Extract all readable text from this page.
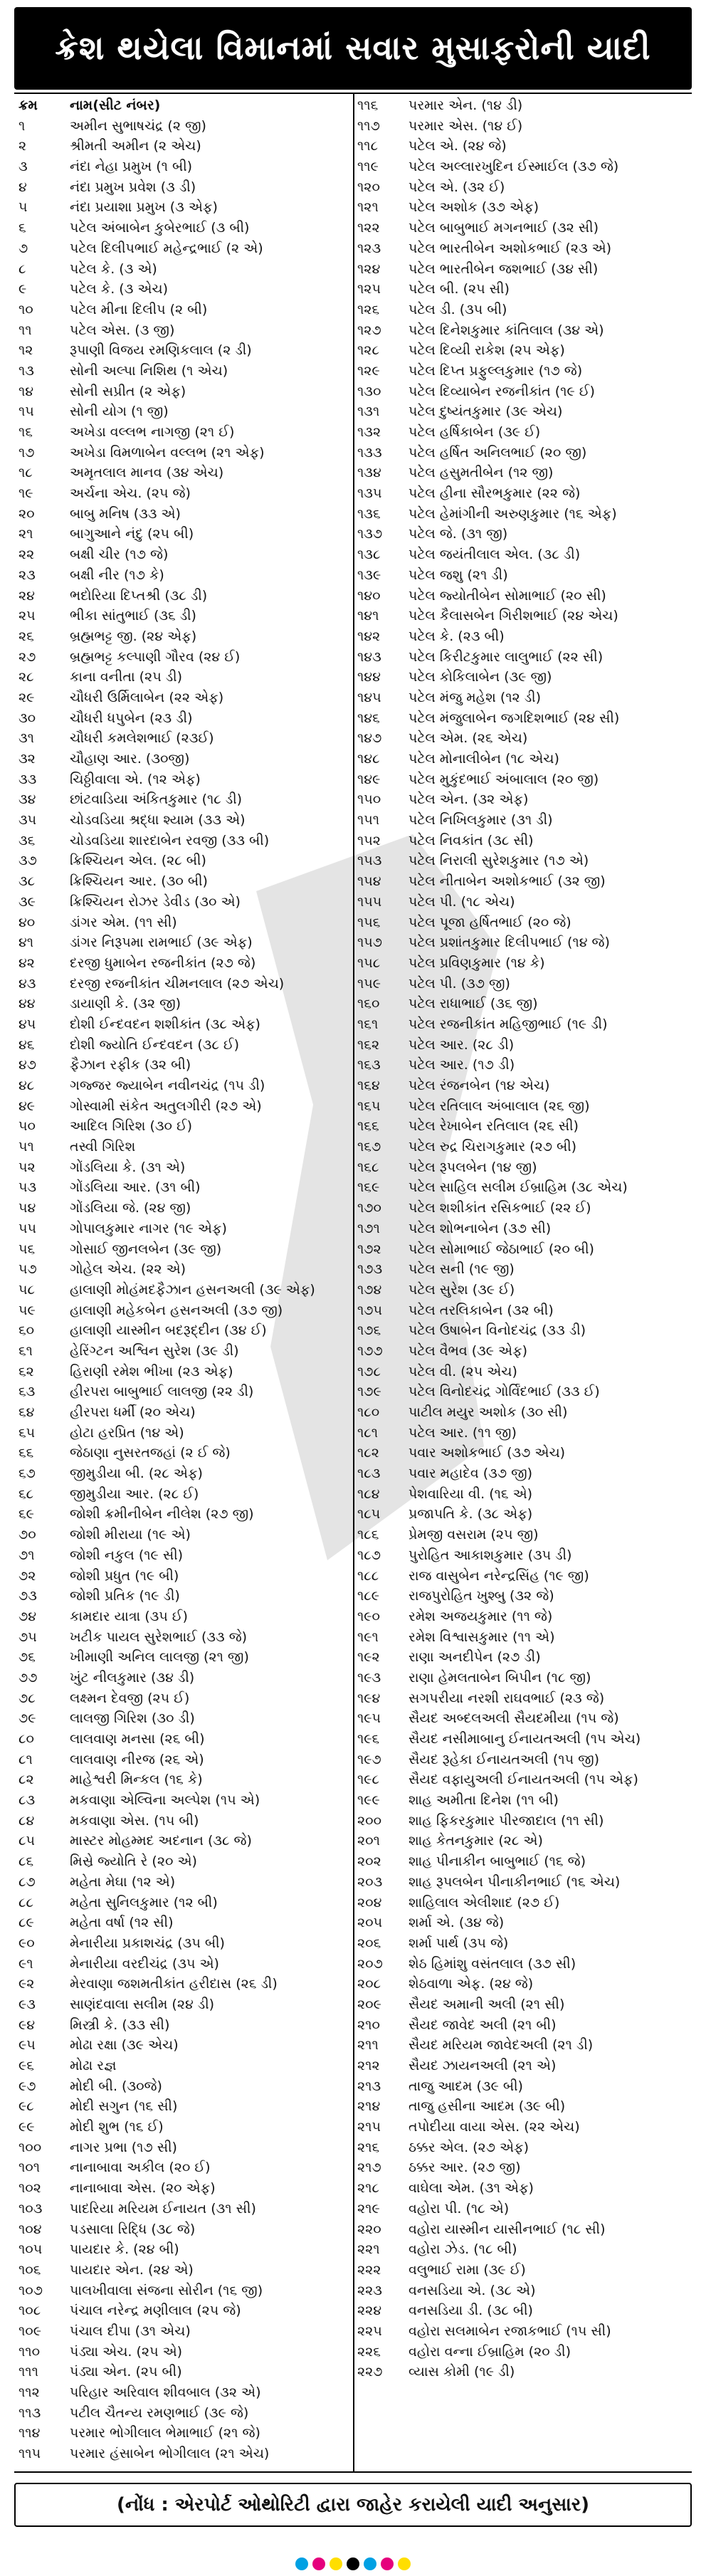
ક્રેશ થયેલા વિમાનમાં સવાર મુસાફરોની યાદી
ક્રમ	નામ(સીટ નંબર)
૧	અમીન સુભાષચંદ્ર (૨ જી)
૨	શ્રીમતી અમીન (૨ એચ)
૩	નંદા નેહા પ્રમુખ (૧ બી)
૪	નંદા પ્રમુખ પ્રવેશ (૩ ડી)
૫	નંદા પ્રયાશા પ્રમુખ (૩ એફ)
૬	પટેલ અંબાબેન કુબેરભાઈ (૩ બી)
૭	પટેલ દિલીપભાઈ મહેન્દ્રભાઈ (૨ એ)
૮	પટેલ કે. (૩ એ)
૯	પટેલ કે. (૩ એચ)
૧૦	પટેલ મીના દિલીપ (૨ બી)
૧૧	પટેલ એસ. (૩ જી)
૧૨	રૂપાણી વિજય રમણિકલાલ (૨ ડી)
૧૩	સોની અલ્પા નિશિથ (૧ એચ)
૧૪	સોની સપ્રીત (૨ એફ)
૧૫	સોની યોગ (૧ જી)
૧૬	અખેડા વલ્લભ નાગજી (૨૧ ઈ)
૧૭	અખેડા વિમળાબેન વલ્લભ (૨૧ એફ)
૧૮	અમૃતલાલ માનવ (૩૪ એચ)
૧૯	અર્ચના એચ. (૨૫ જે)
૨૦	બાબુ મનિષ (૩૩ એ)
૨૧	બાગુઆને નંદુ (૨૫ બી)
૨૨	બક્ષી ચીર (૧૭ જે)
૨૩	બક્ષી નીર (૧૭ કે)
૨૪	ભદોરિયા દિપ્તશ્રી (૩૮ ડી)
૨૫	ભીકા સાંતુભાઈ (૩૬ ડી)
૨૬	બ્રહ્મભટ્ટ જી. (૨૪ એફ)
૨૭	બ્રહ્મભટ્ટ કલ્પાણી ગૌરવ (૨૪ ઈ)
૨૮	કાના વનીતા (૨૫ ડી)
૨૯	ચૌધરી ઉર્મિલાબેન (૨૨ એફ)
૩૦	ચૌધરી ધપુબેન (૨૩ ડી)
૩૧	ચૌધરી કમલેશભાઈ (૨૩ઈ)
૩૨	ચૌહાણ આર. (૩૦જી)
૩૩	ચિઠ્ઠીવાલા એ. (૧૨ એફ)
૩૪	છાંટવાડિયા અંકિતકુમાર (૧૮ ડી)
૩૫	ચોડવડિયા શ્રદ્ધા શ્યામ (૩૩ એ)
૩૬	ચોડવડિયા શારદાબેન રવજી (૩૩ બી)
૩૭	ક્રિશ્ચિયન એલ. (૨૮ બી)
૩૮	ક્રિશ્ચિયન આર. (૩૦ બી)
૩૯	ક્રિશ્ચિયન રોઝર ડેવીડ (૩૦ એ)
૪૦	ડાંગર એમ. (૧૧ સી)
૪૧	ડાંગર નિરૂપમા રામભાઈ (૩૯ એફ)
૪૨	દરજી ધુમાબેન રજનીકાંત (૨૭ જે)
૪૩	દરજી રજનીકાંત ચીમનલાલ (૨૭ એચ)
૪૪	ડાયાણી કે. (૩૨ જી)
૪૫	દોશી ઈન્દવદન શશીકાંત (૩૮ એફ)
૪૬	દોશી જ્યોતિ ઈન્દવદન (૩૮ ઈ)
૪૭	ફૈઝાન રફીક (૩૨ બી)
૪૮	ગજ્જર જ્યાબેન નવીનચંદ્ર (૧૫ ડી)
૪૯	ગોસ્વામી સંકેત અતુલગીરી (૨૭ એ)
૫૦	આદિલ ગિરિશ (૩૦ ઈ)
૫૧	તસ્વી ગિરિશ
૫૨	ગોંડલિયા કે. (૩૧ એ)
૫૩	ગોંડલિયા આર. (૩૧ બી)
૫૪	ગોંડલિયા જે. (૨૪ જી)
૫૫	ગોપાલકુમાર નાગર (૧૯ એફ)
૫૬	ગોસાઈ જીનલબેન (૩૯ જી)
૫૭	ગોહેલ એચ. (૨૨ એ)
૫૮	હાલાણી મોહંમદફૈઝાન હસનઅલી (૩૯ એફ)
૫૯	હાલાણી મહેકબેન હસનઅલી (૩૭ જી)
૬૦	હાલાણી યાસ્મીન બદરૂદ્દીન (૩૪ ઈ)
૬૧	હેરિંગ્ટન અશ્વિન સુરેશ (૩૯ ડી)
૬૨	હિરાણી રમેશ ભીખા (૨૩ એફ)
૬૩	હીરપરા બાબુભાઈ લાલજી (૨૨ ડી)
૬૪	હીરપરા ધર્મી (૨૦ એચ)
૬૫	હોટા હરપ્રિત (૧૪ એ)
૬૬	જેઠાણા નુસરતજહાં (૨ ઈ જે)
૬૭	જીમુડીયા બી. (૨૮ એફ)
૬૮	જીમુડીયા આર. (૨૮ ઈ)
૬૯	જોશી ક્રમીનીબેન નીલેશ (૨૭ જી)
૭૦	જોશી મીરાયા (૧૯ એ)
૭૧	જોશી નકુલ (૧૯ સી)
૭૨	જોશી પ્રધુત (૧૯ બી)
૭૩	જોશી પ્રતિક (૧૯ ડી)
૭૪	કામદાર યાત્રા (૩૫ ઈ)
૭૫	ખટીક પાયલ સુરેશભાઈ (૩૩ જે)
૭૬	ખીમાણી અનિલ લાલજી (૨૧ જી)
૭૭	ખુંટ નીલકુમાર (૩૪ ડી)
૭૮	લક્ષ્મન દેવજી (૨૫ ઈ)
૭૯	લાલજી ગિરિશ (૩૦ ડી)
૮૦	લાલવાણ મનસા (૨૬ બી)
૮૧	લાલવાણ નીરજ (૨૬ એ)
૮૨	માહેશ્વરી મિન્કલ (૧૬ કે)
૮૩	મકવાણા એલ્વિના અલ્પેશ (૧૫ એ)
૮૪	મકવાણા એસ. (૧૫ બી)
૮૫	માસ્ટર મોહમ્મદ અદનાન (૩૮ જે)
૮૬	મિસ્રે જ્યોતિ રે (૨૦ એ)
૮૭	મહેતા મેઘા (૧૨ એ)
૮૮	મહેતા સુનિલકુમાર (૧૨ બી)
૮૯	મહેતા વર્ષા (૧૨ સી)
૯૦	મેનારીયા પ્રકાશચંદ્ર (૩૫ બી)
૯૧	મેનારીયા વરદીચંદ્ર (૩૫ એ)
૯૨	મેરવાણા જશમતીકાંત હરીદાસ (૨૬ ડી)
૯૩	સાણંદવાલા સલીમ (૨૪ ડી)
૯૪	મિસ્ત્રી કે. (૩૩ સી)
૯૫	મોઢા રક્ષા (૩૯ એચ)
૯૬	મોઢા રજ્ઞ
૯૭	મોદી બી. (૩૦જે)
૯૮	મોદી સગુન (૧૬ સી)
૯૯	મોદી શુભ (૧૬ ઈ)
૧૦૦	નાગર પ્રભા (૧૭ સી)
૧૦૧	નાનાબાવા અકીલ (૨૦ ઈ)
૧૦૨	નાનાબાવા એસ. (૨૦ એફ)
૧૦૩	પાદરિયા મરિયમ ઈનાયત (૩૧ સી)
૧૦૪	પડસાલા રિદ્ધિ (૩૮ જે)
૧૦૫	પાયદાર કે. (૨૪ બી)
૧૦૬	પાયદાર એન. (૨૪ એ)
૧૦૭	પાલખીવાલા સંજના સોરીન (૧૬ જી)
૧૦૮	પંચાલ નરેન્દ્ર મણીલાલ (૨૫ જે)
૧૦૯	પંચાલ દીપા (૩૧ એચ)
૧૧૦	પંડ્યા એચ. (૨૫ એ)
૧૧૧	પંડ્યા એન. (૨૫ બી)
૧૧૨	પરિહાર અરિવાલ શીવબાલ (૩૨ એ)
૧૧૩	પટીલ ચૈતન્ય રમણભાઈ (૩૯ જે)
૧૧૪	પરમાર ભોગીલાલ ભેમાભાઈ (૨૧ જે)
૧૧૫	પરમાર હંસાબેન ભોગીલાલ (૨૧ એચ)
૧૧૬	પરમાર એન. (૧૪ ડી)
૧૧૭	પરમાર એસ. (૧૪ ઈ)
૧૧૮	પટેલ એ. (૨૪ જે)
૧૧૯	પટેલ અલ્લારખુદિન ઈસ્માઈલ (૩૭ જે)
૧૨૦	પટેલ એ. (૩૨ ઈ)
૧૨૧	પટેલ અશોક (૩૭ એફ)
૧૨૨	પટેલ બાબુભાઈ મગનભાઈ (૩૨ સી)
૧૨૩	પટેલ ભારતીબેન અશોકભાઈ (૨૩ એ)
૧૨૪	પટેલ ભારતીબેન જશભાઈ (૩૪ સી)
૧૨૫	પટેલ બી. (૨૫ સી)
૧૨૬	પટેલ ડી. (૩૫ બી)
૧૨૭	પટેલ દિનેશકુમાર કાંતિલાલ (૩૪ એ)
૧૨૮	પટેલ દિવ્યી રાકેશ (૨૫ એફ)
૧૨૯	પટેલ દિપ્ત પ્રફુલ્લકુમાર (૧૭ જે)
૧૩૦	પટેલ દિવ્યાબેન રજનીકાંત (૧૯ ઈ)
૧૩૧	પટેલ દુષ્યંતકુમાર (૩૯ એચ)
૧૩૨	પટેલ હર્ષિકાબેન (૩૯ ઈ)
૧૩૩	પટેલ હર્ષિત અનિલભાઈ (૨૦ જી)
૧૩૪	પટેલ હસુમતીબેન (૧૨ જી)
૧૩૫	પટેલ હીના સૌરભકુમાર (૨૨ જે)
૧૩૬	પટેલ હેમાંગીની અરુણકુમાર (૧૬ એફ)
૧૩૭	પટેલ જે. (૩૧ જી)
૧૩૮	પટેલ જયંતીલાલ એલ. (૩૮ ડી)
૧૩૯	પટેલ જશુ (૨૧ ડી)
૧૪૦	પટેલ જ્યોતીબેન સોમાભાઈ (૨૦ સી)
૧૪૧	પટેલ કૈલાસબેન ગિરીશભાઈ (૨૪ એચ)
૧૪૨	પટેલ કે. (૨૩ બી)
૧૪૩	પટેલ કિરીટકુમાર લાલુભાઈ (૨૨ સી)
૧૪૪	પટેલ કોકિલાબેન (૩૯ જી)
૧૪૫	પટેલ મંજુ મહેશ (૧૨ ડી)
૧૪૬	પટેલ મંજુલાબેન જગદિશભાઈ (૨૪ સી)
૧૪૭	પટેલ એમ. (૨૬ એચ)
૧૪૮	પટેલ મોનાલીબેન (૧૮ એચ)
૧૪૯	પટેલ મુકુંદભાઈ અંબાલાલ (૨૦ જી)
૧૫૦	પટેલ એન. (૩૨ એફ)
૧૫૧	પટેલ નિખિલકુમાર (૩૧ ડી)
૧૫૨	પટેલ નિવકાંત (૩૮ સી)
૧૫૩	પટેલ નિરાલી સુરેશકુમાર (૧૭ એ)
૧૫૪	પટેલ નીતાબેન અશોકભાઈ (૩૨ જી)
૧૫૫	પટેલ પી. (૧૮ એચ)
૧૫૬	પટેલ પૂજા હર્ષિતભાઈ (૨૦ જે)
૧૫૭	પટેલ પ્રશાંતકુમાર દિલીપભાઈ (૧૪ જે)
૧૫૮	પટેલ પ્રવિણકુમાર (૧૪ કે)
૧૫૯	પટેલ પી. (૩૭ જી)
૧૬૦	પટેલ રાધાભાઈ (૩૬ જી)
૧૬૧	પટેલ રજનીકાંત મહિજીભાઈ (૧૯ ડી)
૧૬૨	પટેલ આર. (૨૮ ડી)
૧૬૩	પટેલ આર. (૧૭ ડી)
૧૬૪	પટેલ રંજનબેન (૧૪ એચ)
૧૬૫	પટેલ રતિલાલ અંબાલાલ (૨૬ જી)
૧૬૬	પટેલ રેખાબેન રતિલાલ (૨૬ સી)
૧૬૭	પટેલ રુદ્ર ચિરાગકુમાર (૨૭ બી)
૧૬૮	પટેલ રૂપલબેન (૧૪ જી)
૧૬૯	પટેલ સાહિલ સલીમ ઈબ્રાહિમ (૩૮ એચ)
૧૭૦	પટેલ શશીકાંત રસિકભાઈ (૨૨ ઈ)
૧૭૧	પટેલ શોભનાબેન (૩૭ સી)
૧૭૨	પટેલ સોમાભાઈ જેઠાભાઈ (૨૦ બી)
૧૭૩	પટેલ સની (૧૯ જી)
૧૭૪	પટેલ સુરેશ (૩૯ ઈ)
૧૭૫	પટેલ તરલિકાબેન (૩૨ બી)
૧૭૬	પટેલ ઉષાબેન વિનોદચંદ્ર (૩૩ ડી)
૧૭૭	પટેલ વૈભવ (૩૯ એફ)
૧૭૮	પટેલ વી. (૨૫ એચ)
૧૭૯	પટેલ વિનોદચંદ્ર ગોર્વિંદભાઈ (૩૩ ઈ)
૧૮૦	પાટીલ મયુર અશોક (૩૦ સી)
૧૮૧	પટેલ આર. (૧૧ જી)
૧૮૨	પવાર અશોકભાઈ (૩૭ એચ)
૧૮૩	પવાર મહાદેવ (૩૭ જી)
૧૮૪	પેશવારિયા વી. (૧૬ એ)
૧૮૫	પ્રજાપતિ કે. (૩૮ એફ)
૧૮૬	પ્રેમજી વસરામ (૨૫ જી)
૧૮૭	પુરોહિત આકાશકુમાર (૩૫ ડી)
૧૮૮	રાજ વાસુબેન નરેન્દ્રસિંહ (૧૯ જી)
૧૮૯	રાજપુરોહિત ખુશ્બુ (૩૨ જે)
૧૯૦	રમેશ અજયકુમાર (૧૧ જે)
૧૯૧	રમેશ વિશ્વાસકુમાર (૧૧ એ)
૧૯૨	રાણા અનદીપેન (૨૭ ડી)
૧૯૩	રાણા હેમલતાબેન બિપીન (૧૮ જી)
૧૯૪	સગપરીયા નરશી રાઘવભાઈ (૨૩ જે)
૧૯૫	સૈયદ અબ્દલઅલી સૈયદમીયા (૧૫ જે)
૧૯૬	સૈયદ નસીમાબાનુ ઈનાયતઅલી (૧૫ એચ)
૧૯૭	સૈયદ રૂહેકા ઈનાયતઅલી (૧૫ જી)
૧૯૮	સૈયદ વફાયુઅલી ઈનાયતઅલી (૧૫ એફ)
૧૯૯	શાહ અમીતા દિનેશ (૧૧ બી)
૨૦૦	શાહ ફિકરકુમાર પીરજાદાલ (૧૧ સી)
૨૦૧	શાહ કેતનકુમાર (૨૮ એ)
૨૦૨	શાહ પીનાકીન બાબુભાઈ (૧૬ જે)
૨૦૩	શાહ રૂપલબેન પીનાકીનભાઈ (૧૬ એચ)
૨૦૪	શાહિલાલ એલીશાદ (૨૭ ઈ)
૨૦૫	શર્મા એ. (૩૪ જે)
૨૦૬	શર્મા પાર્થ (૩૫ જે)
૨૦૭	શેઠ હિમાંશુ વસંતલાલ (૩૭ સી)
૨૦૮	શેઠવાળા એફ. (૨૪ જે)
૨૦૯	સૈયદ અમાની અલી (૨૧ સી)
૨૧૦	સૈયદ જાવેદ અલી (૨૧ બી)
૨૧૧	સૈયદ મરિયમ જાવેદઅલી (૨૧ ડી)
૨૧૨	સૈયદ ઝાયનઅલી (૨૧ એ)
૨૧૩	તાજુ આદમ (૩૯ બી)
૨૧૪	તાજુ હસીના આદમ (૩૯ બી)
૨૧૫	તપોદીયા વાયા એસ. (૨૨ એચ)
૨૧૬	ઠક્કર એલ. (૨૭ એફ)
૨૧૭	ઠક્કર આર. (૨૭ જી)
૨૧૮	વાઘેલા એમ. (૩૧ એફ)
૨૧૯	વહોરા પી. (૧૮ એ)
૨૨૦	વહોરા યાસ્મીન યાસીનભાઈ (૧૮ સી)
૨૨૧	વહોરા ઝેડ. (૧૮ બી)
૨૨૨	વલુભાઈ રામા (૩૯ ઈ)
૨૨૩	વનસડિયા એ. (૩૮ એ)
૨૨૪	વનસડિયા ડી. (૩૮ બી)
૨૨૫	વહોરા સલમાબેન રજાકભાઈ (૧૫ સી)
૨૨૬	વહોરા વન્ના ઈબ્રાહિમ (૨૦ ડી)
૨૨૭	વ્યાસ કોમી (૧૯ ડી)
(નોંધ : એરપોર્ટ ઓથોરિટી દ્વારા જાહેર કરાયેલી યાદી અનુસાર)
